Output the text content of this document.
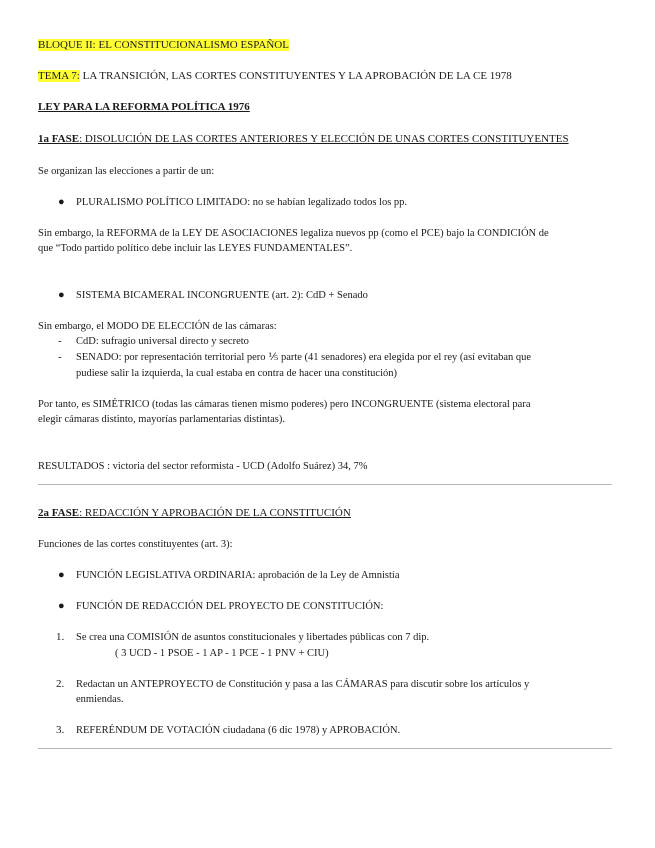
BLOQUE II: EL CONSTITUCIONALISMO ESPAÑOL
TEMA 7: LA TRANSICIÓN, LAS CORTES CONSTITUYENTES Y LA APROBACIÓN DE LA CE 1978
LEY PARA LA REFORMA POLÍTICA 1976
1a FASE: DISOLUCIÓN DE LAS CORTES ANTERIORES Y ELECCIÓN DE UNAS CORTES CONSTITUYENTES
Se organizan las elecciones a partir de un:
● PLURALISMO POLÍTICO LIMITADO: no se habían legalizado todos los pp.
Sin embargo, la REFORMA de la LEY DE ASOCIACIONES legaliza nuevos pp (como el PCE) bajo la CONDICIÓN de
que “Todo partido político debe incluir las LEYES FUNDAMENTALES”.
● SISTEMA BICAMERAL INCONGRUENTE (art. 2): CdD + Senado
Sin embargo, el MODO DE ELECCIÓN de las cámaras:
- CdD: sufragio universal directo y secreto
- SENADO: por representación territorial pero ⅕ parte (41 senadores) era elegida por el rey (así evitaban que
pudiese salir la izquierda, la cual estaba en contra de hacer una constitución)
Por tanto, es SIMÉTRICO (todas las cámaras tienen mismo poderes) pero INCONGRUENTE (sistema electoral para
elegir cámaras distinto, mayorías parlamentarias distintas).
RESULTADOS : victoria del sector reformista - UCD (Adolfo Suárez) 34, 7%
2a FASE: REDACCIÓN Y APROBACIÓN DE LA CONSTITUCIÓN
Funciones de las cortes constituyentes (art. 3):
● FUNCIÓN LEGISLATIVA ORDINARIA: aprobación de la Ley de Amnistía
● FUNCIÓN DE REDACCIÓN DEL PROYECTO DE CONSTITUCIÓN:
1. Se crea una COMISIÓN de asuntos constitucionales y libertades públicas con 7 dip.
( 3 UCD - 1 PSOE - 1 AP - 1 PCE - 1 PNV + CIU)
2. Redactan un ANTEPROYECTO de Constitución y pasa a las CÁMARAS para discutir sobre los artículos y
enmiendas.
3. REFERÉNDUM DE VOTACIÓN ciudadana (6 dic 1978) y APROBACIÓN.
